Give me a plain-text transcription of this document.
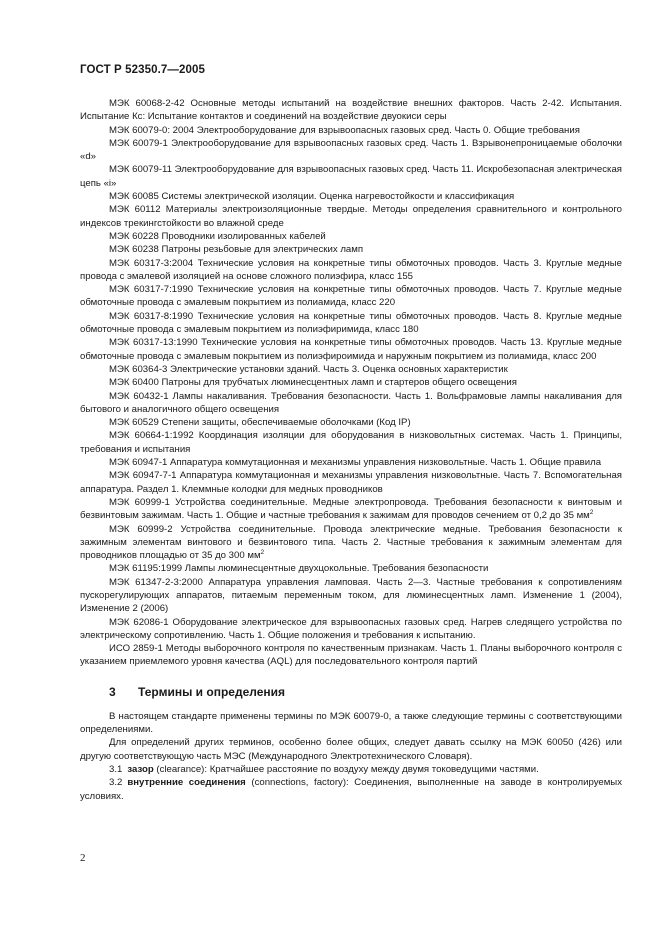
ГОСТ Р 52350.7—2005

МЭК 60068-2-42 Основные методы испытаний на воздействие внешних факторов. Часть 2-42. Испытания. Испытание Кс: Испытание контактов и соединений на воздействие двуокиси серы

МЭК 60079-0: 2004 Электрооборудование для взрывоопасных газовых сред. Часть 0. Общие требования

МЭК 60079-1 Электрооборудование для взрывоопасных газовых сред. Часть 1. Взрывонепроницаемые оболочки «d»

МЭК 60079-11 Электрооборудование для взрывоопасных газовых сред. Часть 11. Искробезопасная электрическая цепь «i»

МЭК 60085 Системы электрической изоляции. Оценка нагревостойкости и классификация

МЭК 60112 Материалы электроизоляционные твердые. Методы определения сравнительного и контрольного индексов трекингстойкости во влажной среде

МЭК 60228 Проводники изолированных кабелей

МЭК 60238 Патроны резьбовые для электрических ламп

МЭК 60317-3:2004 Технические условия на конкретные типы обмоточных проводов. Часть 3. Круглые медные провода с эмалевой изоляцией на основе сложного полиэфира, класс 155

МЭК 60317-7:1990 Технические условия на конкретные типы обмоточных проводов. Часть 7. Круглые медные обмоточные провода с эмалевым покрытием из полиамида, класс 220

МЭК 60317-8:1990 Технические условия на конкретные типы обмоточных проводов. Часть 8. Круглые медные обмоточные провода с эмалевым покрытием из полиэфиримида, класс 180

МЭК 60317-13:1990 Технические условия на конкретные типы обмоточных проводов. Часть 13. Круглые медные обмоточные провода с эмалевым покрытием из полиэфироимида и наружным покрытием из полиамида, класс 200

МЭК 60364-3 Электрические установки зданий. Часть 3. Оценка основных характеристик

МЭК 60400 Патроны для трубчатых люминесцентных ламп и стартеров общего освещения

МЭК 60432-1 Лампы накаливания. Требования безопасности. Часть 1. Вольфрамовые лампы накаливания для бытового и аналогичного общего освещения

МЭК 60529 Степени защиты, обеспечиваемые оболочками (Код IP)

МЭК 60664-1:1992 Координация изоляции для оборудования в низковольтных системах. Часть 1. Принципы, требования и испытания

МЭК 60947-1 Аппаратура коммутационная и механизмы управления низковольтные. Часть 1. Общие правила

МЭК 60947-7-1 Аппаратура коммутационная и механизмы управления низковольтные. Часть 7. Вспомогательная аппаратура. Раздел 1. Клеммные колодки для медных проводников

МЭК 60999-1 Устройства соединительные. Медные электропровода. Требования безопасности к винтовым и безвинтовым зажимам. Часть 1. Общие и частные требования к зажимам для проводов сечением от 0,2 до 35 $мм^2$

МЭК 60999-2 Устройства соединительные. Провода электрические медные. Требования безопасности к зажимным элементам винтового и безвинтового типа. Часть 2. Частные требования к зажимным элементам для проводников площадью от 35 до 300 $мм^2$

МЭК 61195:1999 Лампы люминесцентные двухцокольные. Требования безопасности

МЭК 61347-2-3:2000 Аппаратура управления ламповая. Часть 2—3. Частные требования к сопротивлениям пускорегулирующих аппаратов, питаемым переменным током, для люминесцентных ламп. Изменение 1 (2004), Изменение 2 (2006)

МЭК 62086-1 Оборудование электрическое для взрывоопасных газовых сред. Нагрев следящего устройства по электрическому сопротивлению. Часть 1. Общие положения и требования к испытанию.

ИСО 2859-1 Методы выборочного контроля по качественным признакам. Часть 1. Планы выборочного контроля с указанием приемлемого уровня качества (AQL) для последовательного контроля партий

3 Термины и определения

В настоящем стандарте применены термины по МЭК 60079-0, а также следующие термины с соответствующими определениями.

Для определений других терминов, особенно более общих, следует давать ссылку на МЭК 60050 (426) или другую соответствующую часть МЭС (Международного Электротехнического Словаря).

3.1 зазор (clearance): Кратчайшее расстояние по воздуху между двумя токоведущими частями.

3.2 внутренние соединения (connections, factory): Соединения, выполненные на заводе в контролируемых условиях.

2
